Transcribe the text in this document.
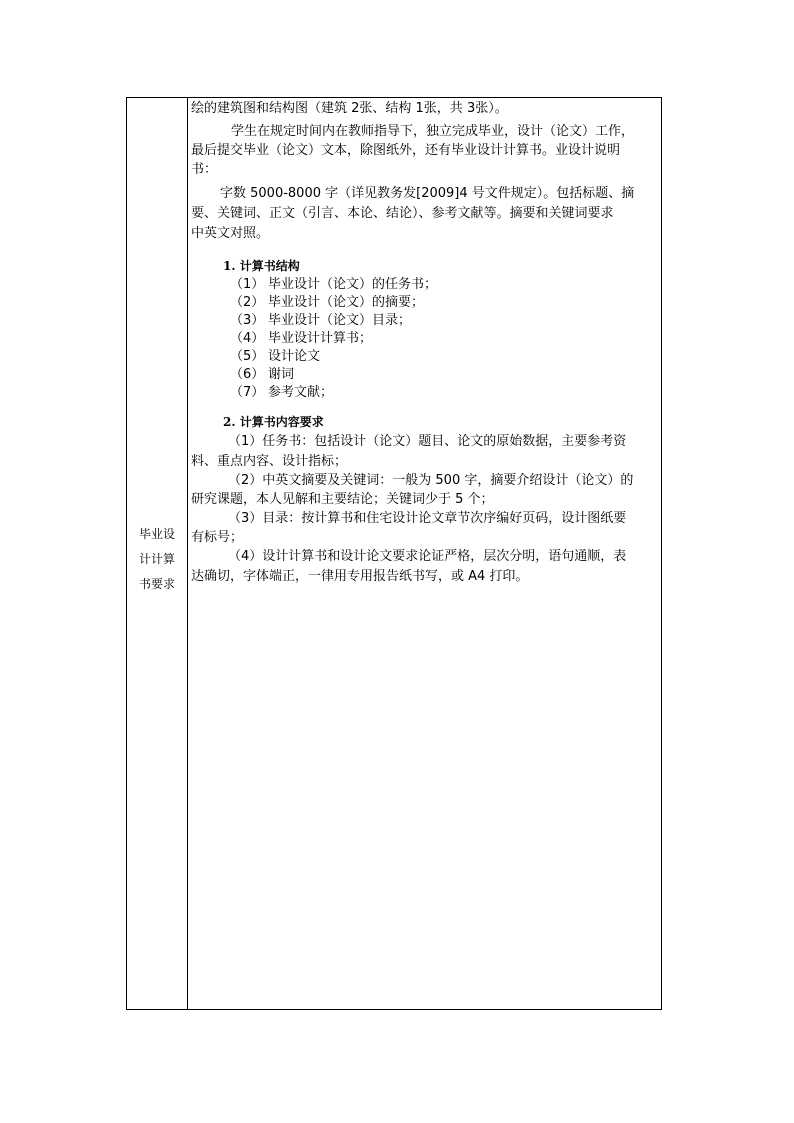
毕业设
计计算
书要求
绘的建筑图和结构图（建筑 2张、结构 1张，共 3张）。
学生在规定时间内在教师指导下，独立完成毕业，设计（论文）工作，
最后提交毕业（论文）文本，除图纸外，还有毕业设计计算书。业设计说明
书：
字数 5000-8000 字（详见教务发[2009]4 号文件规定）。包括标题、摘
要、关键词、正文（引言、本论、结论）、参考文献等。摘要和关键词要求
中英文对照。
1. 计算书结构
（1） 毕业设计（论文）的任务书；
（2） 毕业设计（论文）的摘要；
（3） 毕业设计（论文）目录；
（4） 毕业设计计算书；
（5） 设计论文
（6） 谢词
（7） 参考文献；
2. 计算书内容要求
（1）任务书：包括设计（论文）题目、论文的原始数据，主要参考资
料、重点内容、设计指标；
（2）中英文摘要及关键词：一般为 500 字，摘要介绍设计（论文）的
研究课题，本人见解和主要结论；关键词少于 5 个；
（3）目录：按计算书和住宅设计论文章节次序编好页码，设计图纸要
有标号；
（4）设计计算书和设计论文要求论证严格，层次分明，语句通顺，表
达确切，字体端正，一律用专用报告纸书写，或 A4 打印。
